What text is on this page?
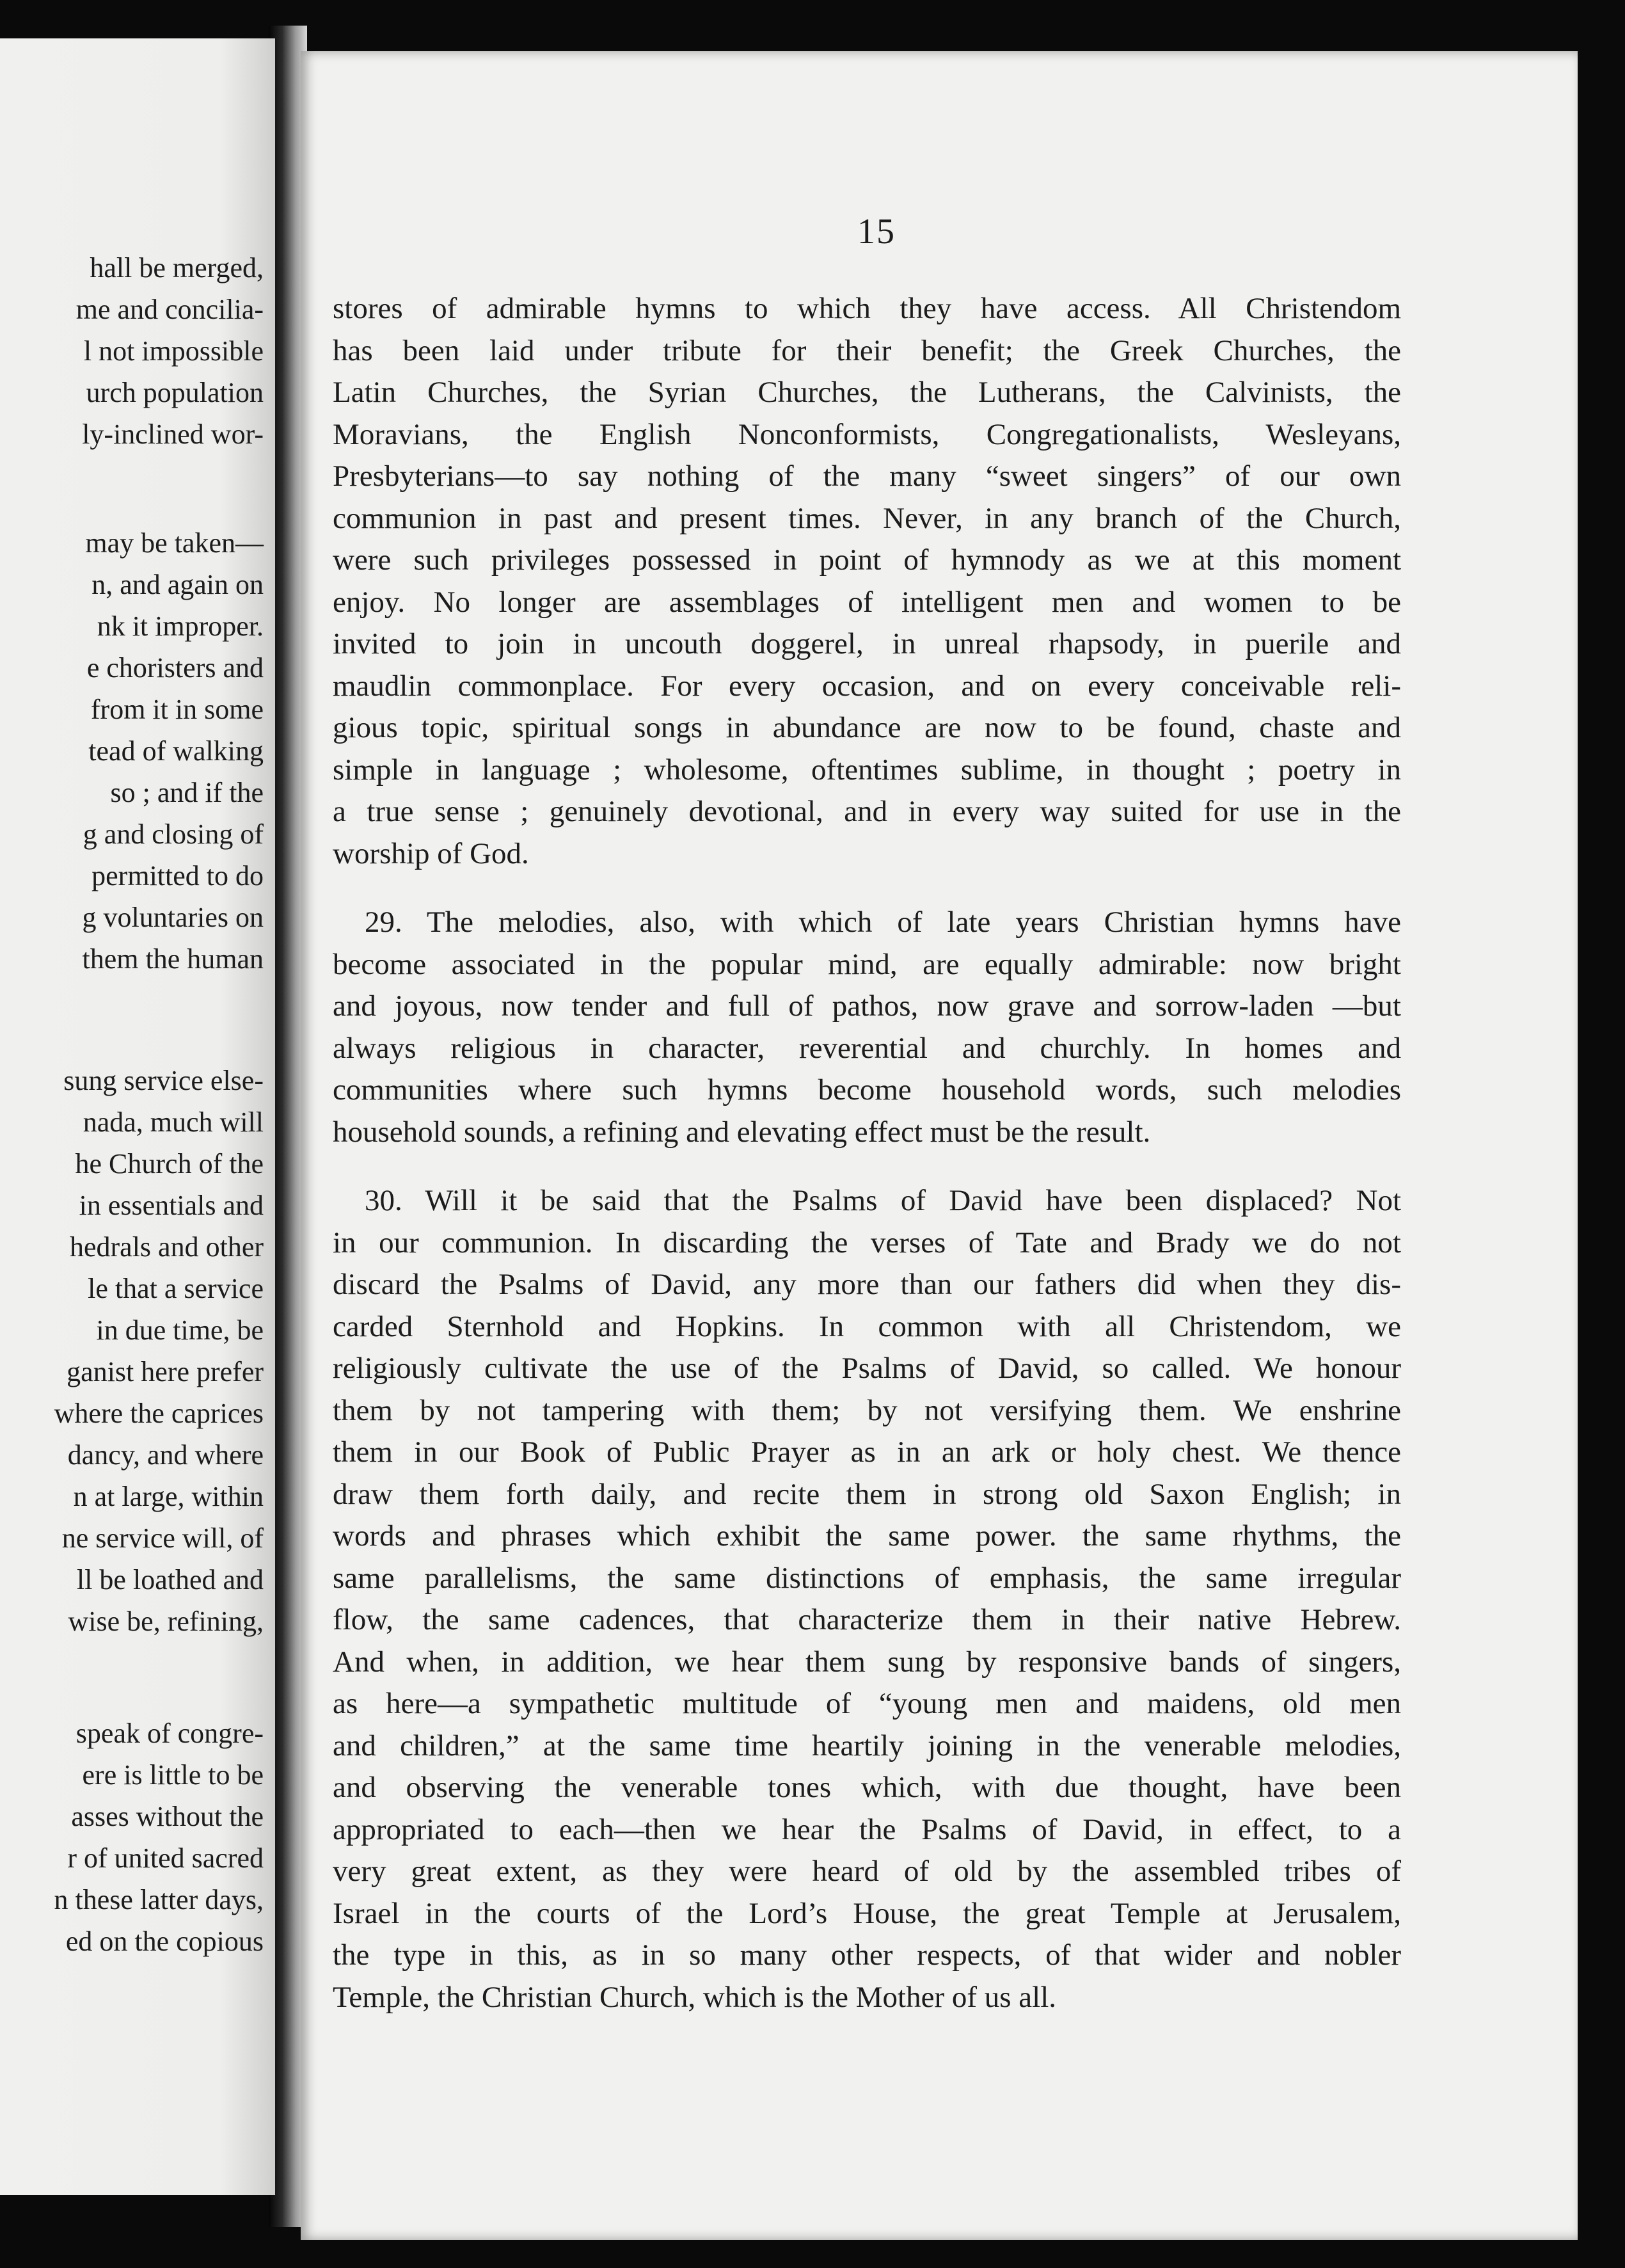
hall be merged,
me and concilia-
l not impossible
urch population
ly-inclined wor-
may be taken—
n, and again on
nk it improper.
e choristers and
from it in some
tead of walking
so ; and if the
g and closing of
permitted to do
g voluntaries on
them the human
sung service else-
nada, much will
he Church of the
in essentials and
hedrals and other
le that a service
in due time, be
ganist here prefer
where the caprices
dancy, and where
n at large, within
ne service will, of
ll be loathed and
wise be, refining,
speak of congre-
ere is little to be
asses without the
r of united sacred
n these latter days,
ed on the copious
15
stores of admirable hymns to which they have access. All Christendom
has been laid under tribute for their benefit; the Greek Churches, the
Latin Churches, the Syrian Churches, the Lutherans, the Calvinists, the
Moravians, the English Nonconformists, Congregationalists, Wesleyans,
Presbyterians—to say nothing of the many “sweet singers” of our own
communion in past and present times. Never, in any branch of the Church,
were such privileges possessed in point of hymnody as we at this moment
enjoy. No longer are assemblages of intelligent men and women to be
invited to join in uncouth doggerel, in unreal rhapsody, in puerile and
maudlin commonplace. For every occasion, and on every conceivable reli-
gious topic, spiritual songs in abundance are now to be found, chaste and
simple in language ; wholesome, oftentimes sublime, in thought ; poetry in
a true sense ; genuinely devotional, and in every way suited for use in the
worship of God.
29. The melodies, also, with which of late years Christian hymns have
become associated in the popular mind, are equally admirable: now bright
and joyous, now tender and full of pathos, now grave and sorrow-laden —but
always religious in character, reverential and churchly. In homes and
communities where such hymns become household words, such melodies
household sounds, a refining and elevating effect must be the result.
30. Will it be said that the Psalms of David have been displaced? Not
in our communion. In discarding the verses of Tate and Brady we do not
discard the Psalms of David, any more than our fathers did when they dis-
carded Sternhold and Hopkins. In common with all Christendom, we
religiously cultivate the use of the Psalms of David, so called. We honour
them by not tampering with them; by not versifying them. We enshrine
them in our Book of Public Prayer as in an ark or holy chest. We thence
draw them forth daily, and recite them in strong old Saxon English; in
words and phrases which exhibit the same power. the same rhythms, the
same parallelisms, the same distinctions of emphasis, the same irregular
flow, the same cadences, that characterize them in their native Hebrew.
And when, in addition, we hear them sung by responsive bands of singers,
as here—a sympathetic multitude of “young men and maidens, old men
and children,” at the same time heartily joining in the venerable melodies,
and observing the venerable tones which, with due thought, have been
appropriated to each—then we hear the Psalms of David, in effect, to a
very great extent, as they were heard of old by the assembled tribes of
Israel in the courts of the Lord’s House, the great Temple at Jerusalem,
the type in this, as in so many other respects, of that wider and nobler
Temple, the Christian Church, which is the Mother of us all.
